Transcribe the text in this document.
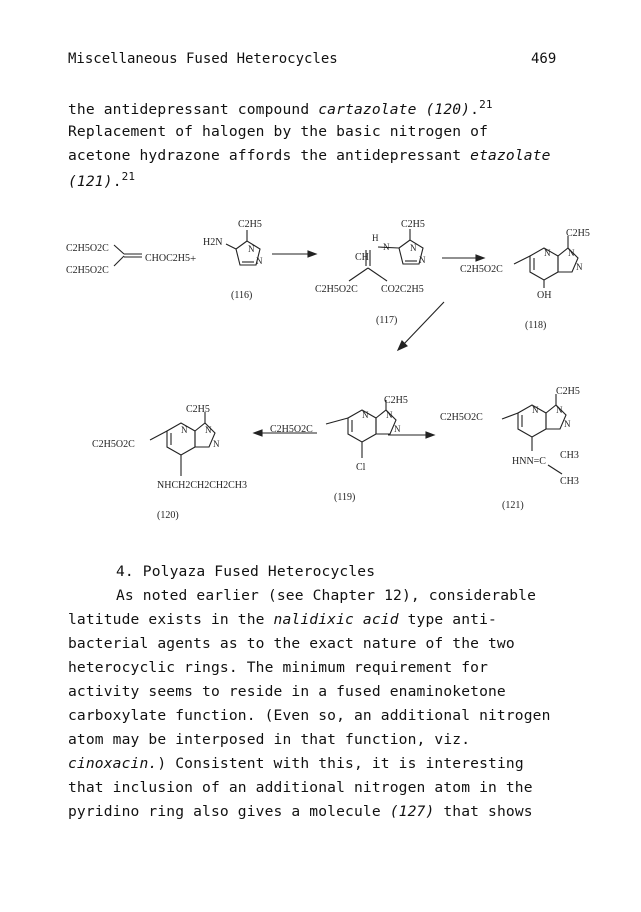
Miscellaneous Fused Heterocycles	469
the antidepressant compound cartazolate (120).$^{21}$
Replacement of halogen by the basic nitrogen of
acetone hydrazone affords the antidepressant etazolate
(121).$^{21}$
C2H5O2C
C2H5O2C
CHOC2H5 +
H2N
C2H5
N
N
(116)
C2H5
H
N N
N
CH
C2H5O2C CO2C2H5
(117)
C2H5
N N
N
C2H5O2C
OH
(118)
C2H5
N N
N
C2H5O2C
Cl
(119)
C2H5
N N
N
C2H5O2C
NHCH2CH2CH2CH3
(120)
C2H5
N N
N
C2H5O2C
HNN=C
CH3
CH3
(121)
4. Polyaza Fused Heterocycles
As noted earlier (see Chapter 12), considerable
latitude exists in the nalidixic acid type anti-
bacterial agents as to the exact nature of the two
heterocyclic rings. The minimum requirement for
activity seems to reside in a fused enaminoketone
carboxylate function. (Even so, an additional nitrogen
atom may be interposed in that function, viz.
cinoxacin.) Consistent with this, it is interesting
that inclusion of an additional nitrogen atom in the
pyridino ring also gives a molecule (127) that shows
